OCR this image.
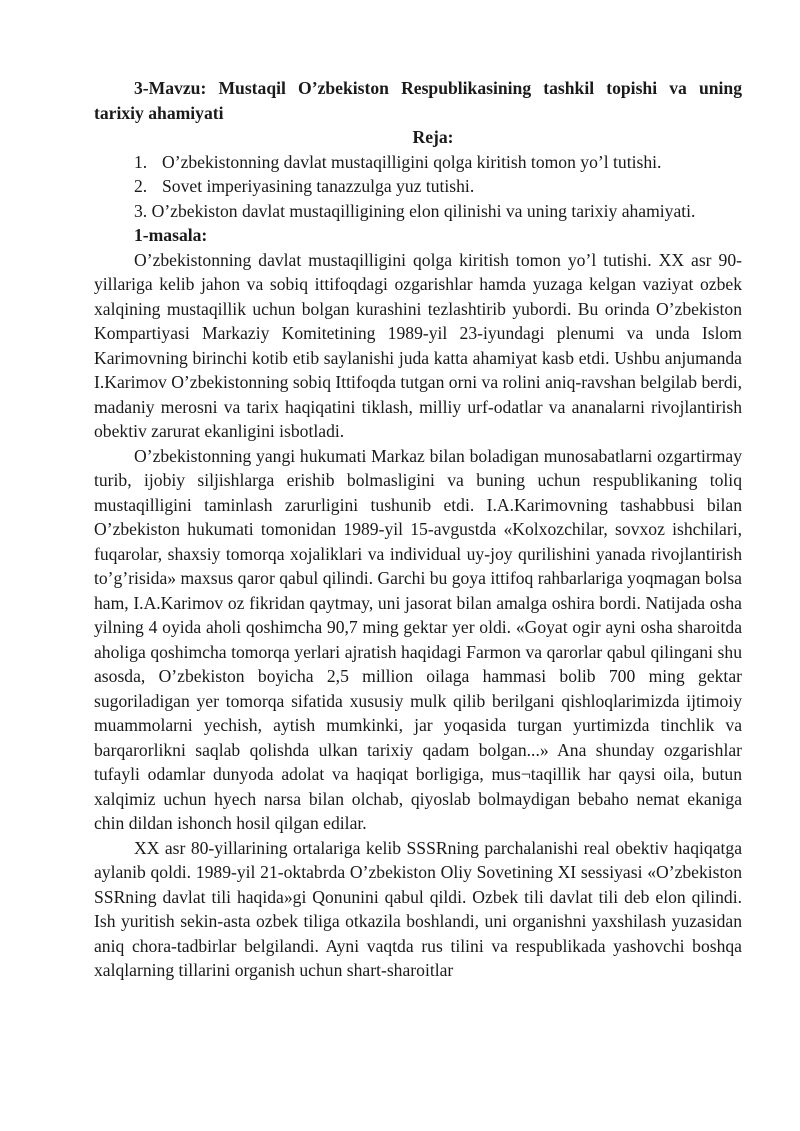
3-Mavzu: Mustaqil O’zbekiston Respublikasining tashkil topishi va uning tarixiy ahamiyati

Reja:

1. O’zbekistonning davlat mustaqilligini qolga kiritish tomon yo’l tutishi.
2. Sovet imperiyasining tanazzulga yuz tutishi.

3. O’zbekiston davlat mustaqilligining elon qilinishi va uning tarixiy ahamiyati.

1-masala:

O’zbekistonning davlat mustaqilligini qolga kiritish tomon yo’l tutishi. XX asr 90-yillariga kelib jahon va sobiq ittifoqdagi ozgarishlar hamda yuzaga kelgan vaziyat ozbek xalqining mustaqillik uchun bolgan kurashini tezlashtirib yubordi. Bu orinda O’zbekiston Kompartiyasi Markaziy Komitetining 1989-yil 23-iyundagi plenumi va unda Islom Karimovning birinchi kotib etib saylanishi juda katta ahamiyat kasb etdi. Ushbu anjumanda I.Karimov O’zbekistonning sobiq Ittifoqda tutgan orni va rolini aniq-ravshan belgilab berdi, madaniy merosni va tarix haqiqatini tiklash, milliy urf-odatlar va ananalarni rivojlantirish obektiv zarurat ekanligini isbotladi.

O’zbekistonning yangi hukumati Markaz bilan boladigan munosabatlarni ozgartirmay turib, ijobiy siljishlarga erishib bolmasligini va buning uchun respublikaning toliq mustaqilligini taminlash zarurligini tushunib etdi. I.A.Karimovning tashabbusi bilan O’zbekiston hukumati tomonidan 1989-yil 15-avgustda «Kolxozchilar, sovxoz ishchilari, fuqarolar, shaxsiy tomorqa xojaliklari va individual uy-joy qurilishini yanada rivojlantirish to’g’risida» maxsus qaror qabul qilindi. Garchi bu goya ittifoq rahbarlariga yoqmagan bolsa ham, I.A.Karimov oz fikridan qaytmay, uni jasorat bilan amalga oshira bordi. Natijada osha yilning 4 oyida aholi qoshimcha 90,7 ming gektar yer oldi. «Goyat ogir ayni osha sharoitda aholiga qoshimcha tomorqa yerlari ajratish haqidagi Farmon va qarorlar qabul qilingani shu asosda, O’zbekiston boyicha 2,5 million oilaga hammasi bolib 700 ming gektar sugoriladigan yer tomorqa sifatida xususiy mulk qilib berilgani qishloqlarimizda ijtimoiy muammolarni yechish, aytish mumkinki, jar yoqasida turgan yurtimizda tinchlik va barqarorlikni saqlab qolishda ulkan tarixiy qadam bolgan...» Ana shunday ozgarishlar tufayli odamlar dunyoda adolat va haqiqat borligiga, mus¬taqillik har qaysi oila, butun xalqimiz uchun hyech narsa bilan olchab, qiyoslab bolmaydigan bebaho nemat ekaniga chin dildan ishonch hosil qilgan edilar.

XX asr 80-yillarining ortalariga kelib SSSRning parchalanishi real obektiv haqiqatga aylanib qoldi. 1989-yil 21-oktabrda O’zbekiston Oliy Sovetining XI sessiyasi «O’zbekiston SSRning davlat tili haqida»gi Qonunini qabul qildi. Ozbek tili davlat tili deb elon qilindi. Ish yuritish sekin-asta ozbek tiliga otkazila boshlandi, uni organishni yaxshilash yuzasidan aniq chora-tadbirlar belgilandi. Ayni vaqtda rus tilini va respublikada yashovchi boshqa xalqlarning tillarini organish uchun shart-sharoitlar
